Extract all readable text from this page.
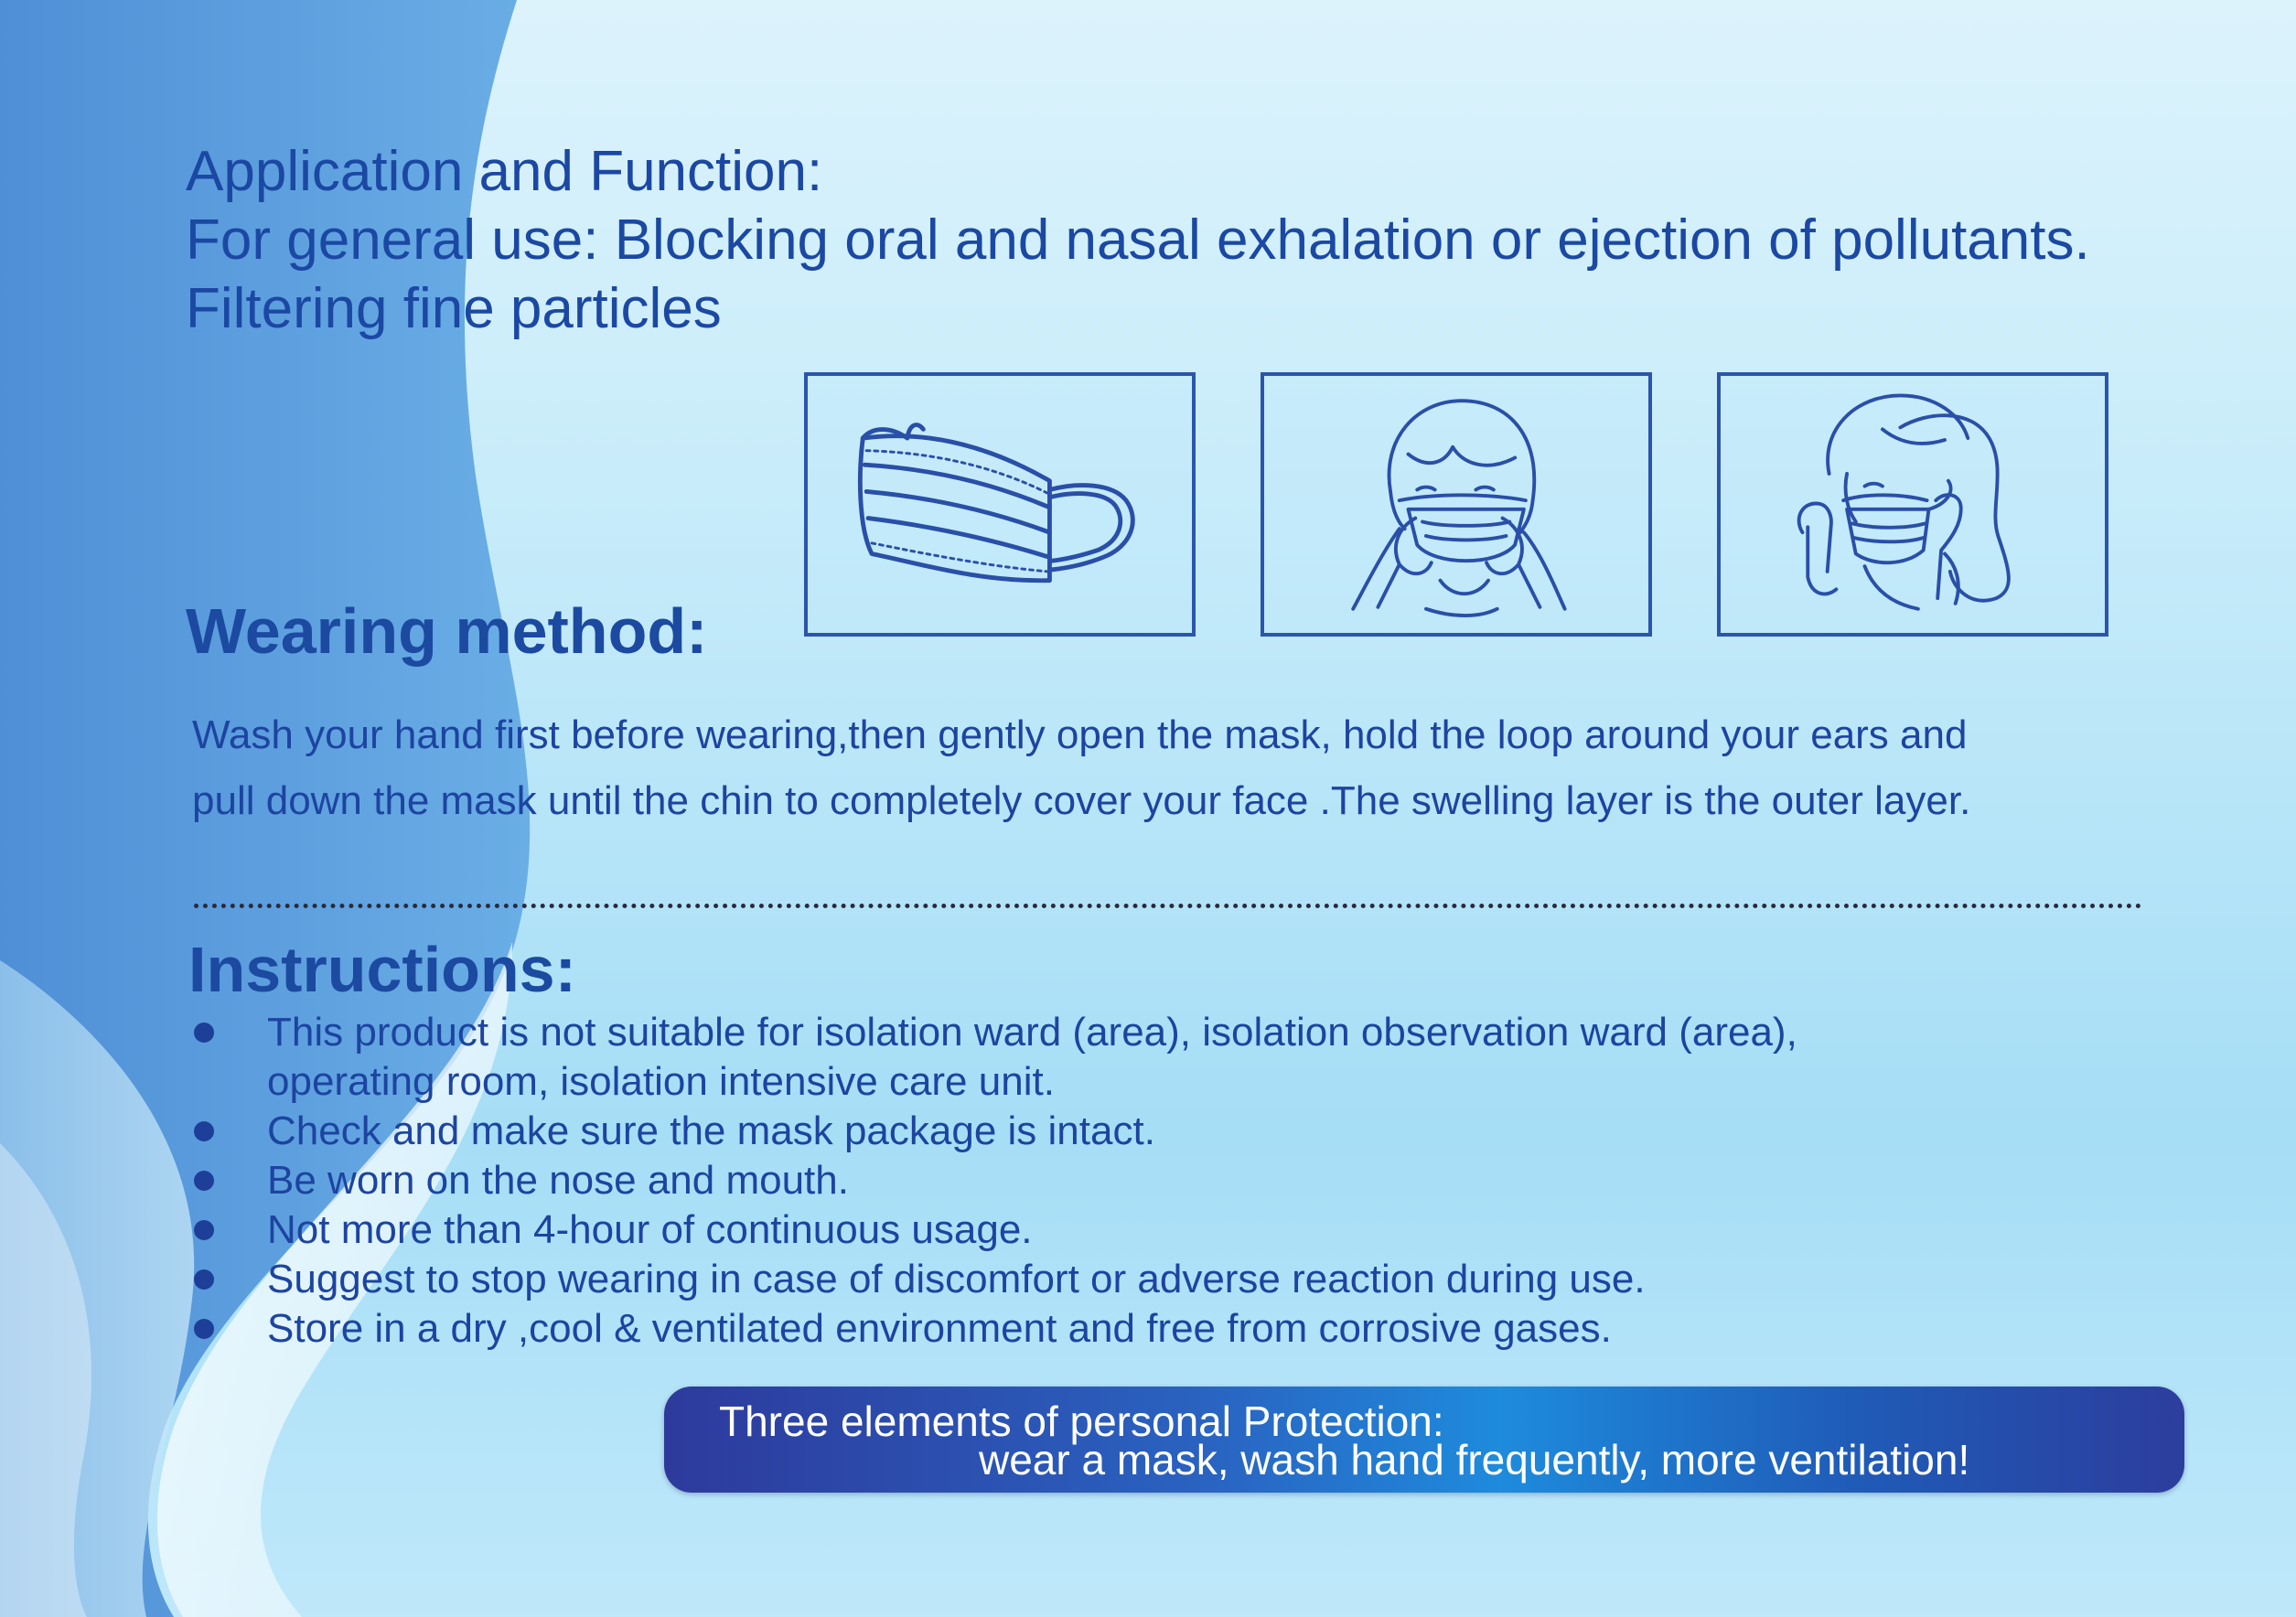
Application and Function:
For general use: Blocking oral and nasal exhalation or ejection of pollutants.
Filtering fine particles
Wearing method:
Wash your hand first before wearing,then gently open the mask, hold the loop around your ears and
pull down the mask until the chin to completely cover your face .The swelling layer is the outer layer.
Instructions:
This product is not suitable for isolation ward (area), isolation observation ward (area),
operating room, isolation intensive care unit.
Check and make sure the mask package is intact.
Be worn on the nose and mouth.
Not more than 4-hour of continuous usage.
Suggest to stop wearing in case of discomfort or adverse reaction during use.
Store in a dry ,cool & ventilated environment and free from corrosive gases.
Three elements of personal Protection:
wear a mask, wash hand frequently, more ventilation!
